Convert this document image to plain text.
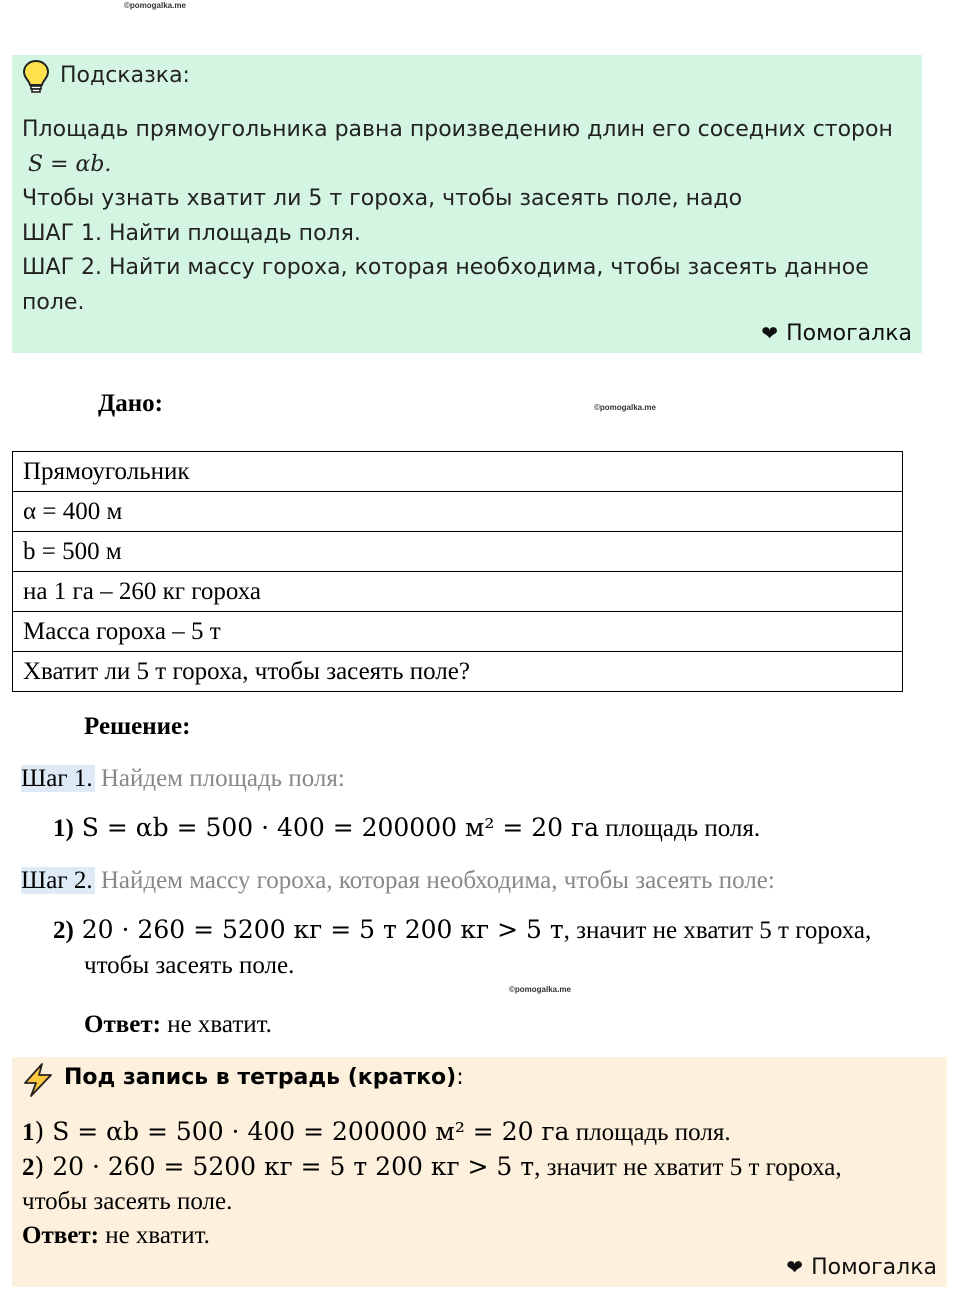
©pomogalka.me
Подсказка:
Площадь прямоугольника равна произведению длин его соседних сторон
S = αb.
Чтобы узнать хватит ли 5 т гороха, чтобы засеять поле, надо
ШАГ 1. Найти площадь поля.
ШАГ 2. Найти массу гороха, которая необходима, чтобы засеять данное поле.
❤ Помогалка
Дано:	©pomogalka.me
Прямоугольник
α = 400 м
b = 500 м
на 1 га – 260 кг гороха
Масса гороха – 5 т
Хватит ли 5 т гороха, чтобы засеять поле?
Решение:
Шаг 1. Найдем площадь поля:
1) S = αb = 500 · 400 = 200000 м² = 20 га площадь поля.
Шаг 2. Найдем массу гороха, которая необходима, чтобы засеять поле:
2) 20 · 260 = 5200 кг = 5 т 200 кг > 5 т, значит не хватит 5 т гороха,
чтобы засеять поле.
©pomogalka.me
Ответ: не хватит.
Под запись в тетрадь (кратко):
1) S = αb = 500 · 400 = 200000 м² = 20 га площадь поля.
2) 20 · 260 = 5200 кг = 5 т 200 кг > 5 т, значит не хватит 5 т гороха,
чтобы засеять поле.
Ответ: не хватит.
❤ Помогалка
